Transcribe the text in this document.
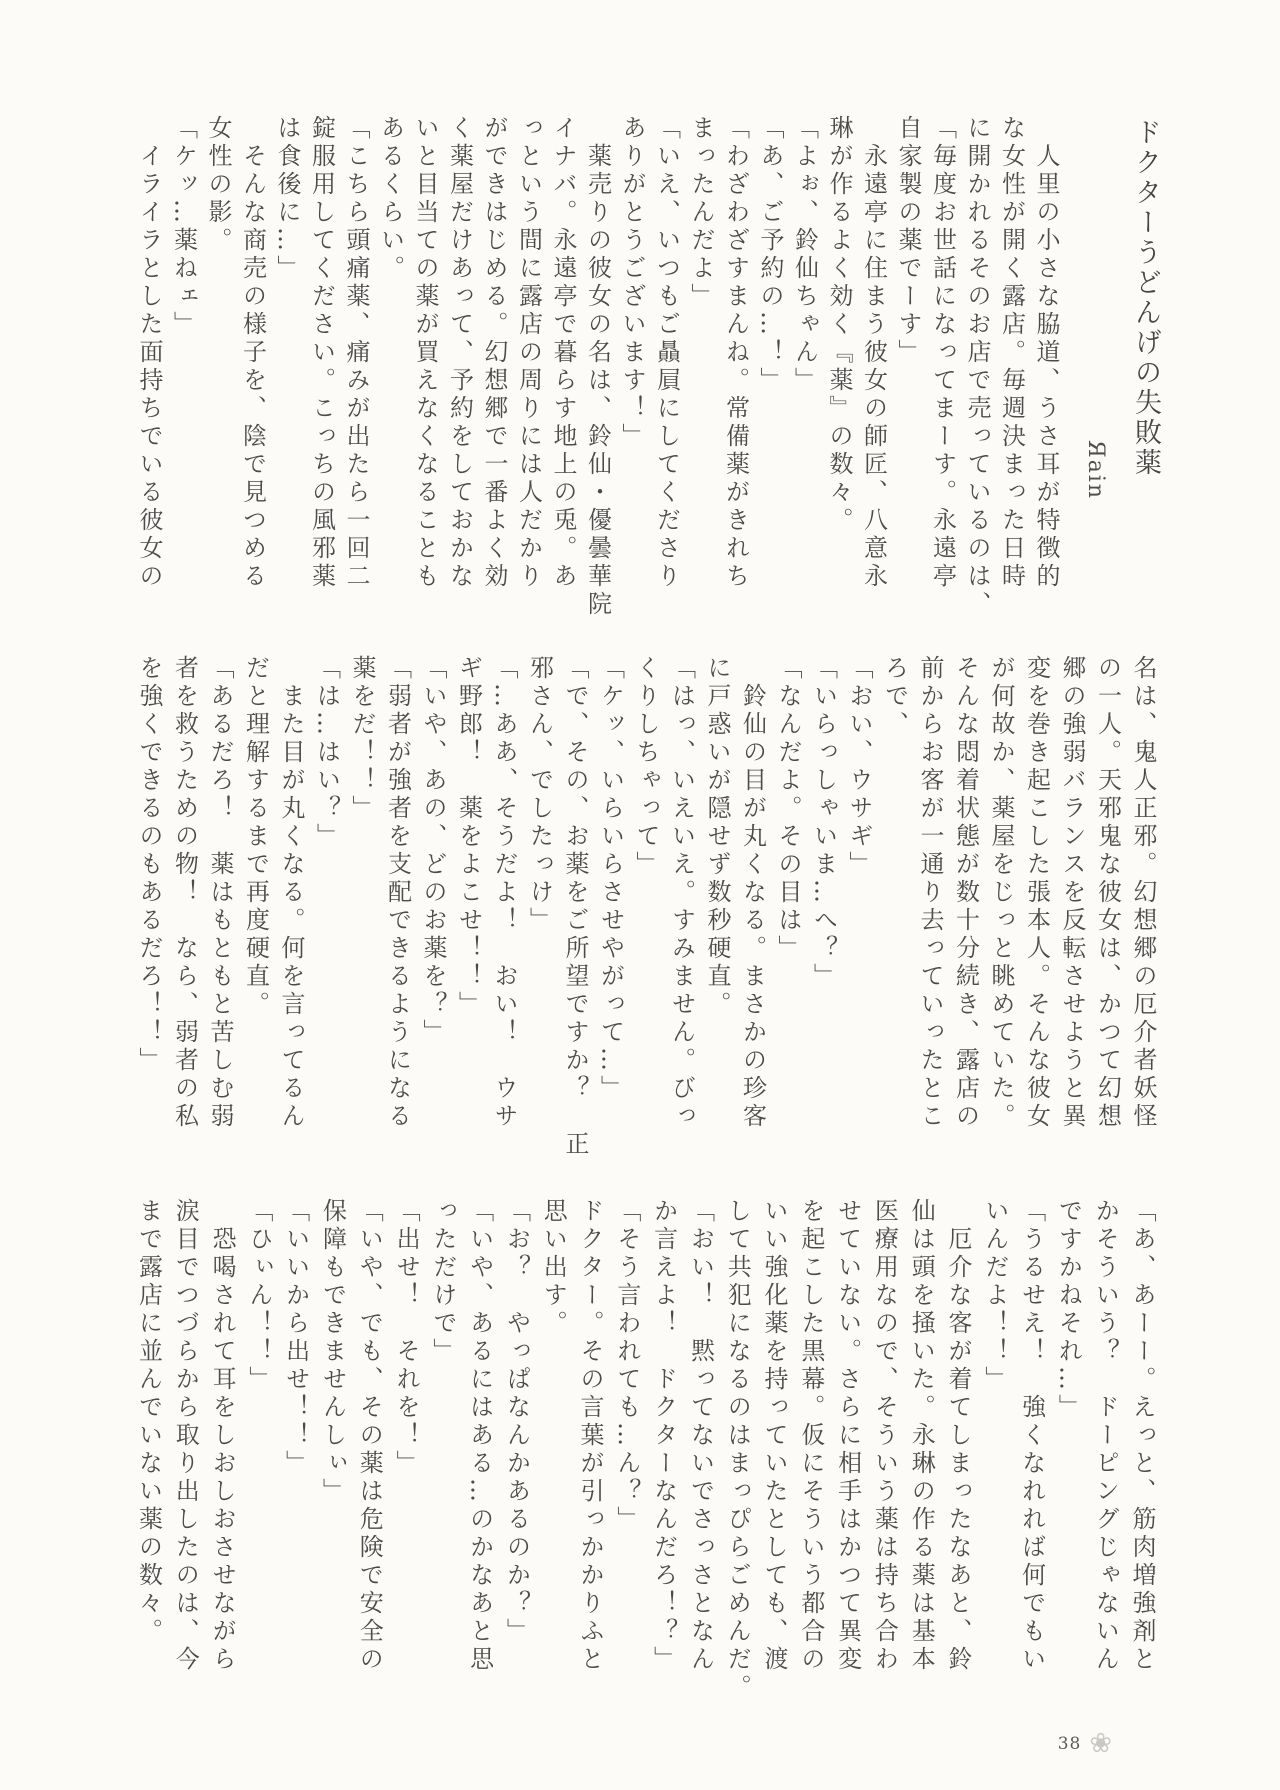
ドクターうどんげの失敗薬
Яain
人里の小さな脇道、うさ耳が特徴的
な女性が開く露店。毎週決まった日時
に開かれるそのお店で売っているのは、
「毎度お世話になってまーす。永遠亭
自家製の薬でーす」
永遠亭に住まう彼女の師匠、八意永
琳が作るよく効く『薬』の数々。
「よぉ、鈴仙ちゃん」
「あ、ご予約の…！」
「わざわざすまんね。常備薬がきれち
まったんだよ」
「いえ、いつもご贔屓にしてくださり
ありがとうございます！」
薬売りの彼女の名は、鈴仙・優曇華院
イナバ。永遠亭で暮らす地上の兎。あ
っという間に露店の周りには人だかり
ができはじめる。幻想郷で一番よく効
く薬屋だけあって、予約をしておかな
いと目当ての薬が買えなくなることも
あるくらい。
「こちら頭痛薬、痛みが出たら一回二
錠服用してください。こっちの風邪薬
は食後に…」
そんな商売の様子を、陰で見つめる
女性の影。
「ケッ…薬ねェ」
イライラとした面持ちでいる彼女の
名は、鬼人正邪。幻想郷の厄介者妖怪
の一人。天邪鬼な彼女は、かつて幻想
郷の強弱バランスを反転させようと異
変を巻き起こした張本人。そんな彼女
が何故か、薬屋をじっと眺めていた。
そんな悶着状態が数十分続き、露店の
前からお客が一通り去っていったとこ
ろで、
「おい、ウサギ」
「いらっしゃいま…へ？」
「なんだよ。その目は」
鈴仙の目が丸くなる。まさかの珍客
に戸惑いが隠せず数秒硬直。
「はっ、いえいえ。すみません。びっ
くりしちゃって」
「ケッ、いらいらさせやがって…」
「で、その、お薬をご所望ですか？　正
邪さん、でしたっけ」
「…ああ、そうだよ！　おい！　ウサ
ギ野郎！　薬をよこせ！！」
「いや、あの、どのお薬を？」
「弱者が強者を支配できるようになる
薬をだ！！」
「は…はい？」
また目が丸くなる。何を言ってるん
だと理解するまで再度硬直。
「あるだろ！　薬はもともと苦しむ弱
者を救うための物！　なら、弱者の私
を強くできるのもあるだろ！！」
「あ、あーー。えっと、筋肉増強剤と
かそういう？　ドーピングじゃないん
ですかねそれ…」
「うるせえ！　強くなれれば何でもい
いんだよ！！」
厄介な客が着てしまったなあと、鈴
仙は頭を掻いた。永琳の作る薬は基本
医療用なので、そういう薬は持ち合わ
せていない。さらに相手はかつて異変
を起こした黒幕。仮にそういう都合の
いい強化薬を持っていたとしても、渡
して共犯になるのはまっぴらごめんだ。
「おい！　黙ってないでさっさとなん
か言えよ！　ドクターなんだろ！？」
「そう言われても…ん？」
ドクター。その言葉が引っかかりふと
思い出す。
「お？　やっぱなんかあるのか？」
「いや、あるにはある…のかなあと思
っただけで」
「出せ！　それを！」
「いや、でも、その薬は危険で安全の
保障もできませんしぃ」
「いいから出せ！！」
「ひぃん！！」
恐喝されて耳をしおしおさせながら
涙目でつづらから取り出したのは、今
まで露店に並んでいない薬の数々。
38 ❀
